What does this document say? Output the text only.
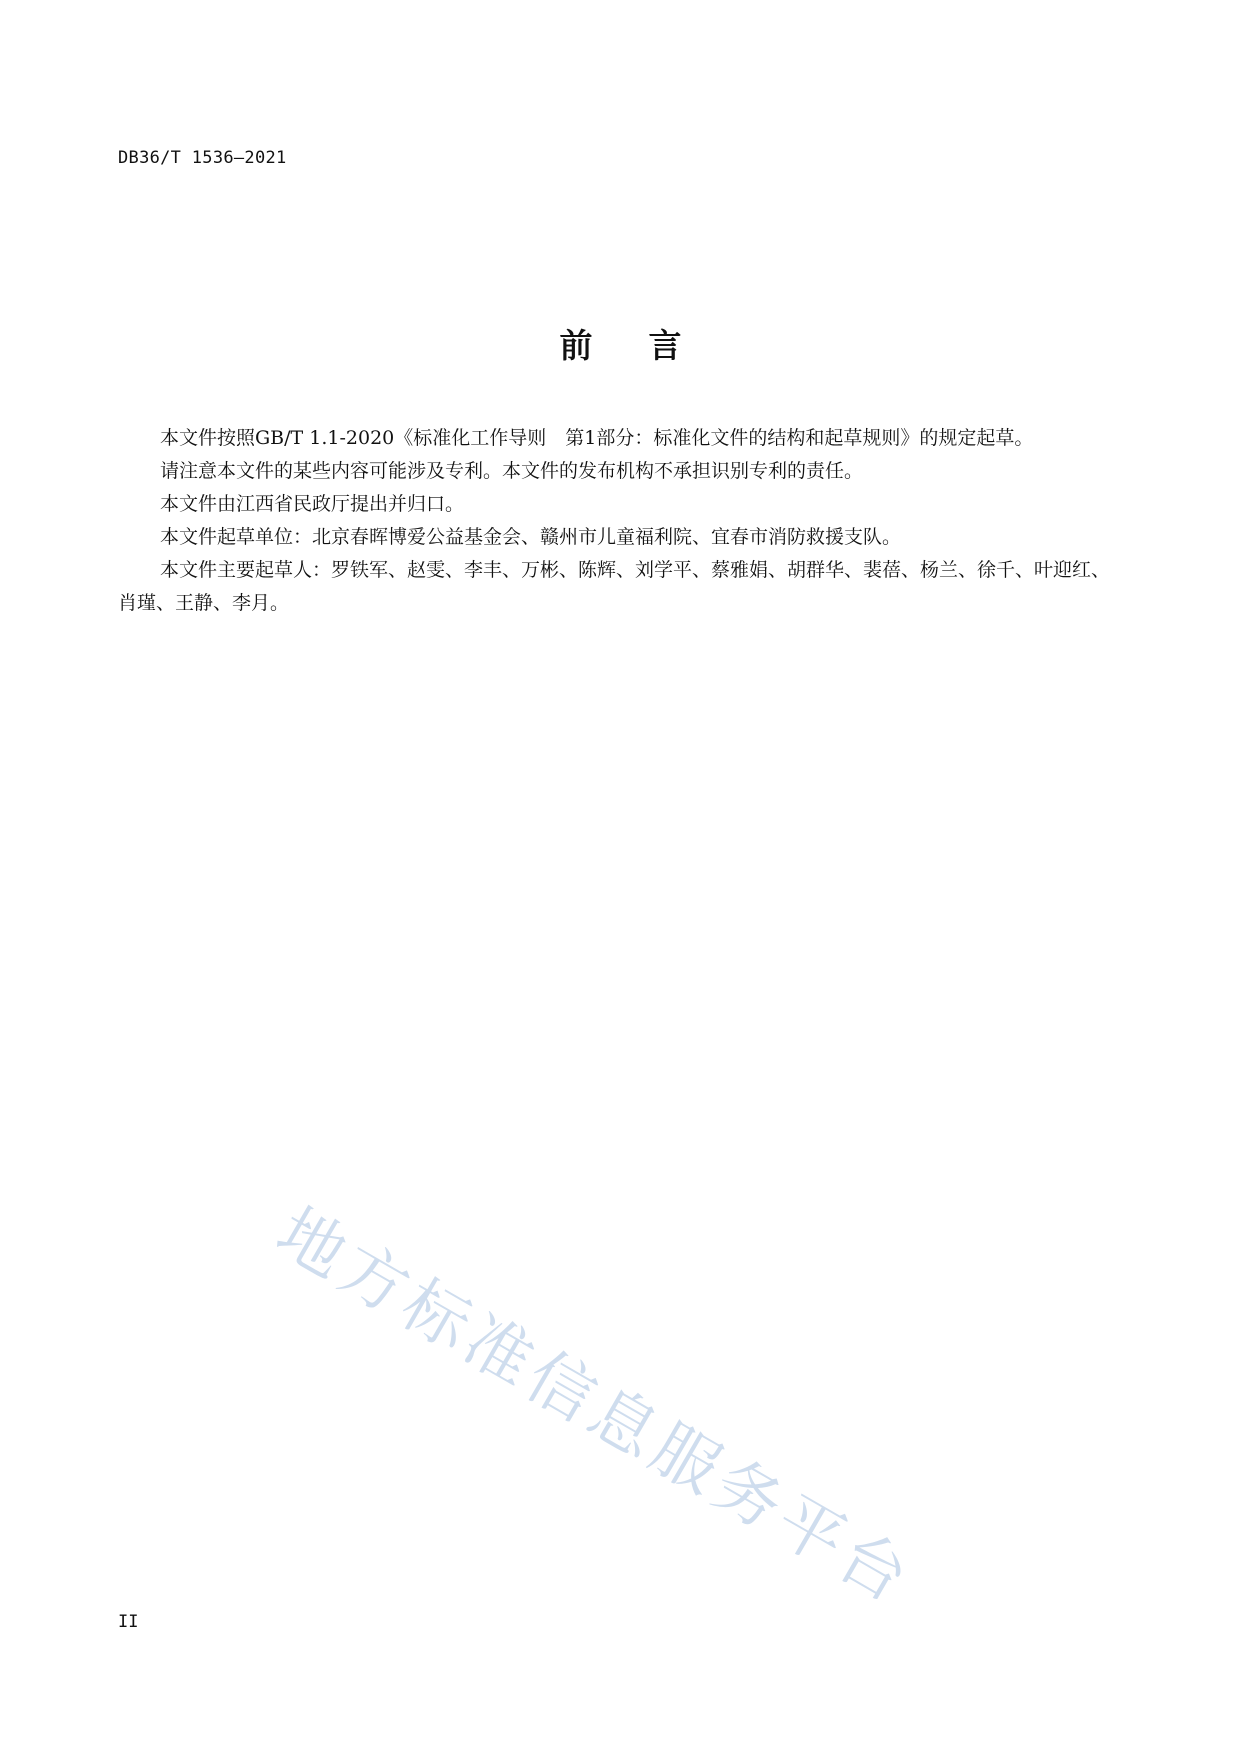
DB36/T 1536—2021
前 言

本文件按照GB/T 1.1-2020《标准化工作导则　第1部分：标准化文件的结构和起草规则》的规定起草。

请注意本文件的某些内容可能涉及专利。本文件的发布机构不承担识别专利的责任。

本文件由江西省民政厅提出并归口。

本文件起草单位：北京春晖博爱公益基金会、赣州市儿童福利院、宜春市消防救援支队。

本文件主要起草人：罗铁军、赵雯、李丰、万彬、陈辉、刘学平、蔡雅娟、胡群华、裴蓓、杨兰、徐千、叶迎红、肖瑾、王静、李月。

地方标准信息服务平台
II
